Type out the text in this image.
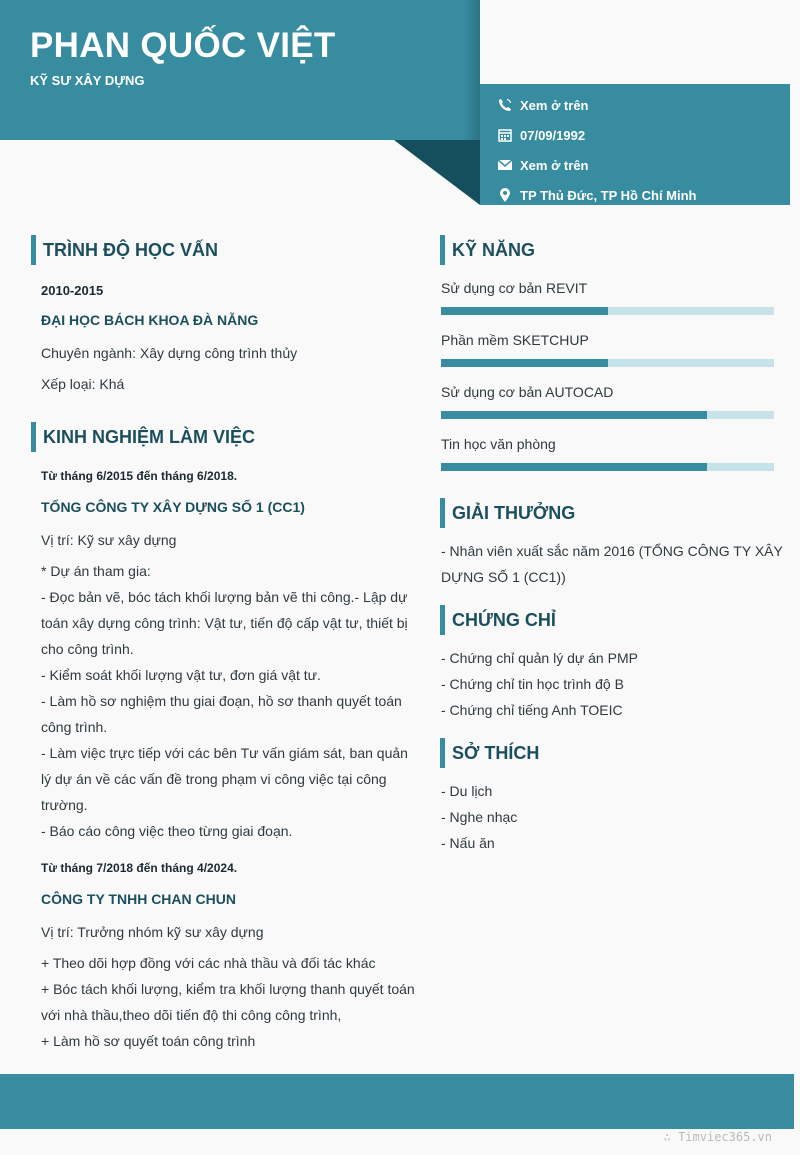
PHAN QUỐC VIỆT
KỸ SƯ XÂY DỰNG
Xem ở trên
07/09/1992
Xem ở trên
TP Thủ Đức, TP Hồ Chí Minh
TRÌNH ĐỘ HỌC VẤN
2010-2015
ĐẠI HỌC BÁCH KHOA ĐÀ NẴNG
Chuyên ngành: Xây dựng công trình thủy
Xếp loại: Khá
KINH NGHIỆM LÀM VIỆC
Từ tháng 6/2015 đến tháng 6/2018.
TỔNG CÔNG TY XÂY DỰNG SỐ 1 (CC1)
Vị trí: Kỹ sư xây dựng
* Dự án tham gia:
- Đọc bản vẽ, bóc tách khối lượng bản vẽ thi công.- Lập dự
toán xây dựng công trình: Vật tư, tiến độ cấp vật tư, thiết bị
cho công trình.
- Kiểm soát khối lượng vật tư, đơn giá vật tư.
- Làm hồ sơ nghiệm thu giai đoạn, hồ sơ thanh quyết toán
công trình.
- Làm việc trực tiếp với các bên Tư vấn giám sát, ban quản
lý dự án về các vấn đề trong phạm vi công việc tại công
trường.
- Báo cáo công việc theo từng giai đoạn.
Từ tháng 7/2018 đến tháng 4/2024.
CÔNG TY TNHH CHAN CHUN
Vị trí: Trưởng nhóm kỹ sư xây dựng
+ Theo dõi hợp đồng với các nhà thầu và đối tác khác
+ Bóc tách khối lượng, kiểm tra khối lượng thanh quyết toán
với nhà thầu,theo dõi tiến độ thi công công trình,
+ Làm hồ sơ quyết toán công trình
KỸ NĂNG
Sử dụng cơ bản REVIT
Phần mềm SKETCHUP
Sử dụng cơ bản AUTOCAD
Tin học văn phòng
GIẢI THƯỞNG
- Nhân viên xuất sắc năm 2016 (TỔNG CÔNG TY XÂY
DỰNG SỐ 1 (CC1))
CHỨNG CHỈ
- Chứng chỉ quản lý dự án PMP
- Chứng chỉ tin học trình độ B
- Chứng chỉ tiếng Anh TOEIC
SỞ THÍCH
- Du lịch
- Nghe nhạc
- Nấu ăn
∴ Timviec365.vn
